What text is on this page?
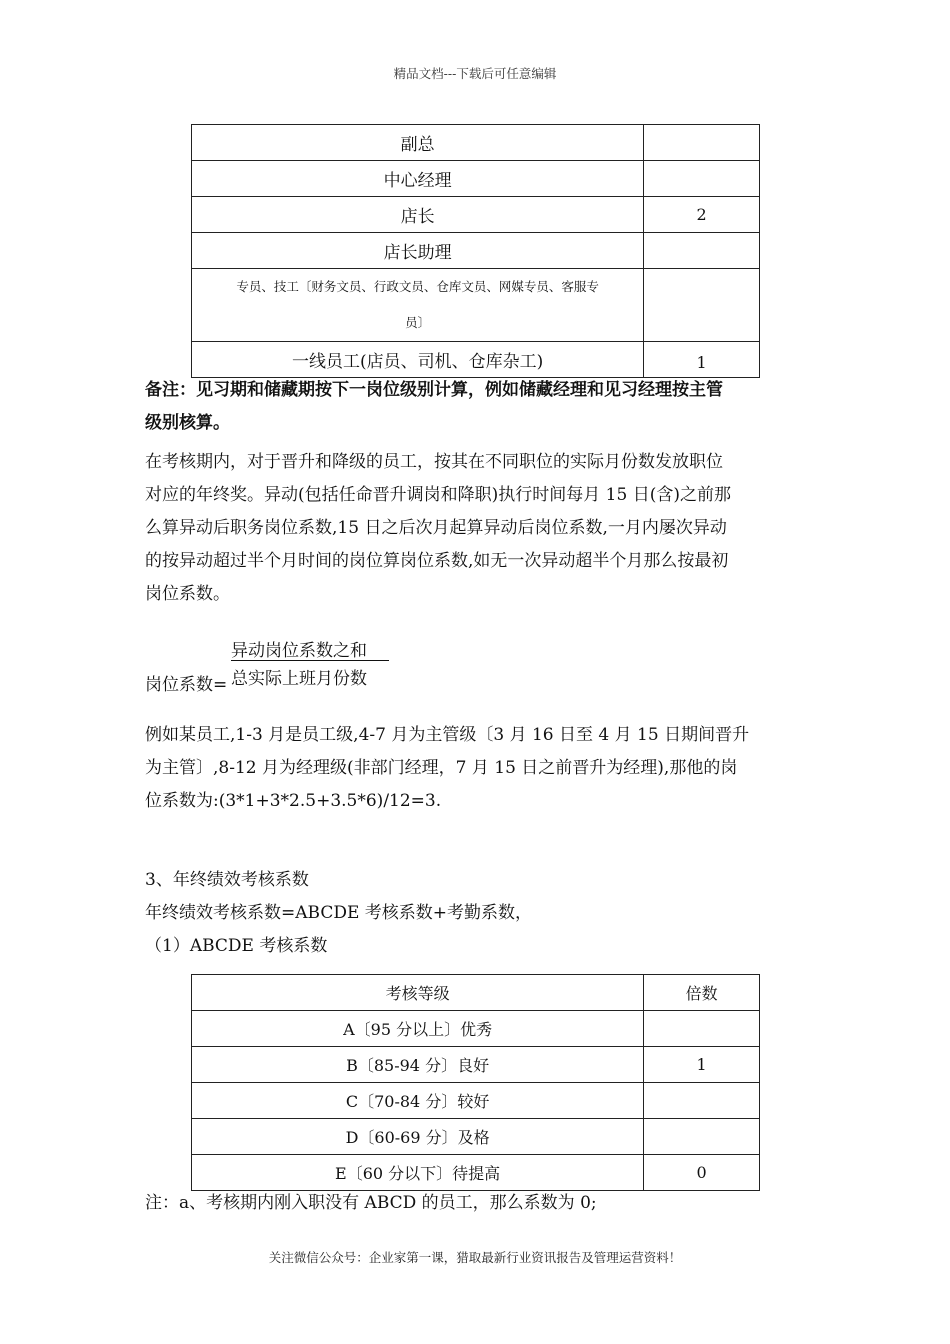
精品文档---下载后可任意编辑
副总	
中心经理	
店长	2
店长助理	

专员、技工〔财务文员、行政文员、仓库文员、网媒专员、客服专
员〕	

一线员工(店员、司机、仓库杂工)	1
备注：见习期和储藏期按下一岗位级别计算，例如储藏经理和见习经理按主管
级别核算。
在考核期内，对于晋升和降级的员工，按其在不同职位的实际月份数发放职位
对应的年终奖。异动(包括任命晋升调岗和降职)执行时间每月 15 日(含)之前那
么算异动后职务岗位系数,15 日之后次月起算异动后岗位系数,一月内屡次异动
的按异动超过半个月时间的岗位算岗位系数,如无一次异动超半个月那么按最初
岗位系数。
岗位系数=
异动岗位系数之和
总实际上班月份数
例如某员工,1-3 月是员工级,4-7 月为主管级〔3 月 16 日至 4 月 15 日期间晋升
为主管〕,8-12 月为经理级(非部门经理，7 月 15 日之前晋升为经理),那他的岗
位系数为:(3*1+3*2.5+3.5*6)/12=3.
3、年终绩效考核系数
年终绩效考核系数=ABCDE 考核系数+考勤系数，
（1）ABCDE 考核系数
考核等级	倍数
A〔95 分以上〕优秀	
B〔85-94 分〕良好	1
C〔70-84 分〕较好	
D〔60-69 分〕及格	
E〔60 分以下〕待提高	0
注：a、考核期内刚入职没有 ABCD 的员工，那么系数为 0;
关注微信公众号：企业家第一课，猎取最新行业资讯报告及管理运营资料！
